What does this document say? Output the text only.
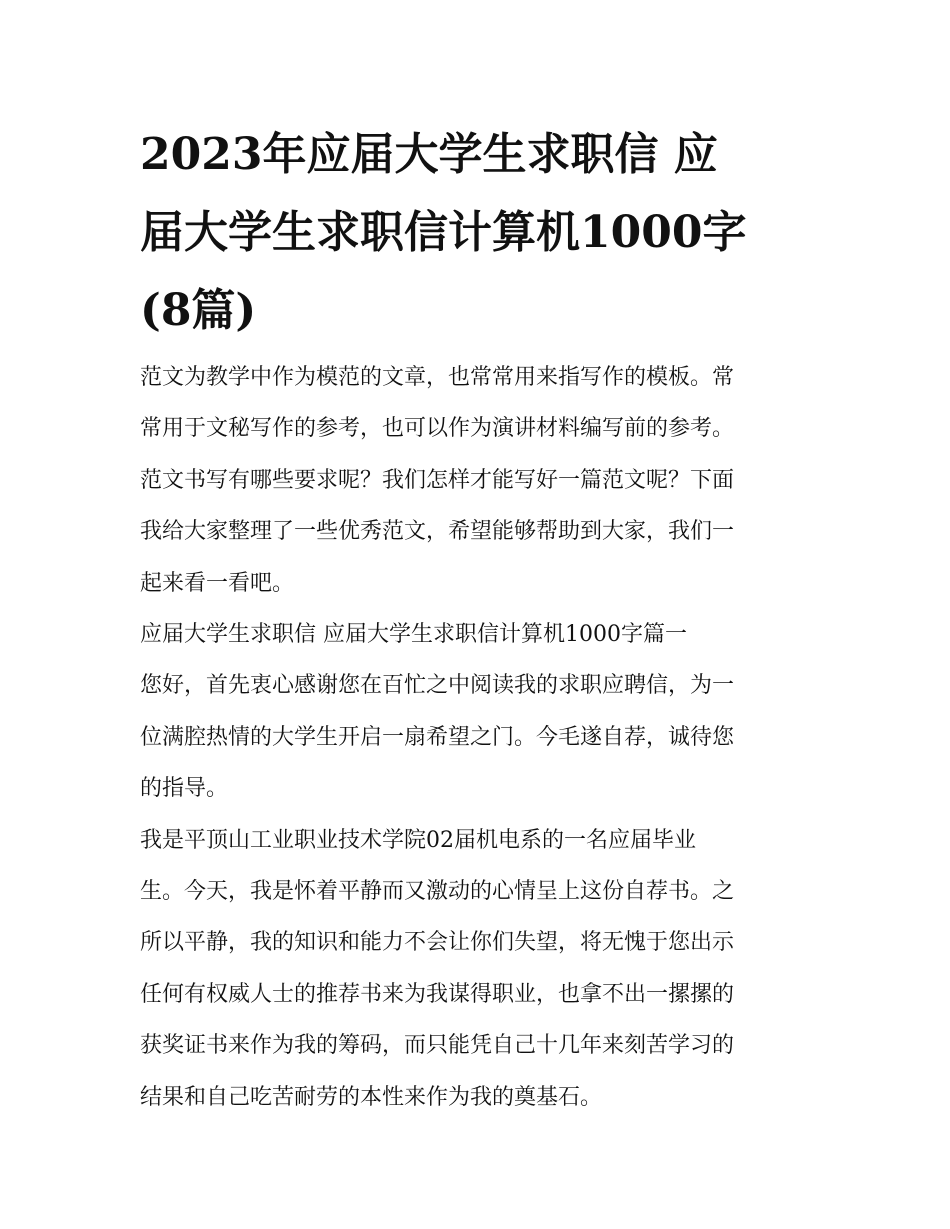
2023年应届大学生求职信 应
届大学生求职信计算机1000字
(8篇)

范文为教学中作为模范的文章，也常常用来指写作的模板。常
常用于文秘写作的参考，也可以作为演讲材料编写前的参考。
范文书写有哪些要求呢？我们怎样才能写好一篇范文呢？下面
我给大家整理了一些优秀范文，希望能够帮助到大家，我们一
起来看一看吧。

应届大学生求职信 应届大学生求职信计算机1000字篇一

您好，首先衷心感谢您在百忙之中阅读我的求职应聘信，为一
位满腔热情的大学生开启一扇希望之门。今毛遂自荐，诚待您
的指导。

我是平顶山工业职业技术学院02届机电系的一名应届毕业
生。今天，我是怀着平静而又激动的心情呈上这份自荐书。之
所以平静，我的知识和能力不会让你们失望，将无愧于您出示
任何有权威人士的推荐书来为我谋得职业，也拿不出一摞摞的
获奖证书来作为我的筹码，而只能凭自己十几年来刻苦学习的
结果和自己吃苦耐劳的本性来作为我的奠基石。
